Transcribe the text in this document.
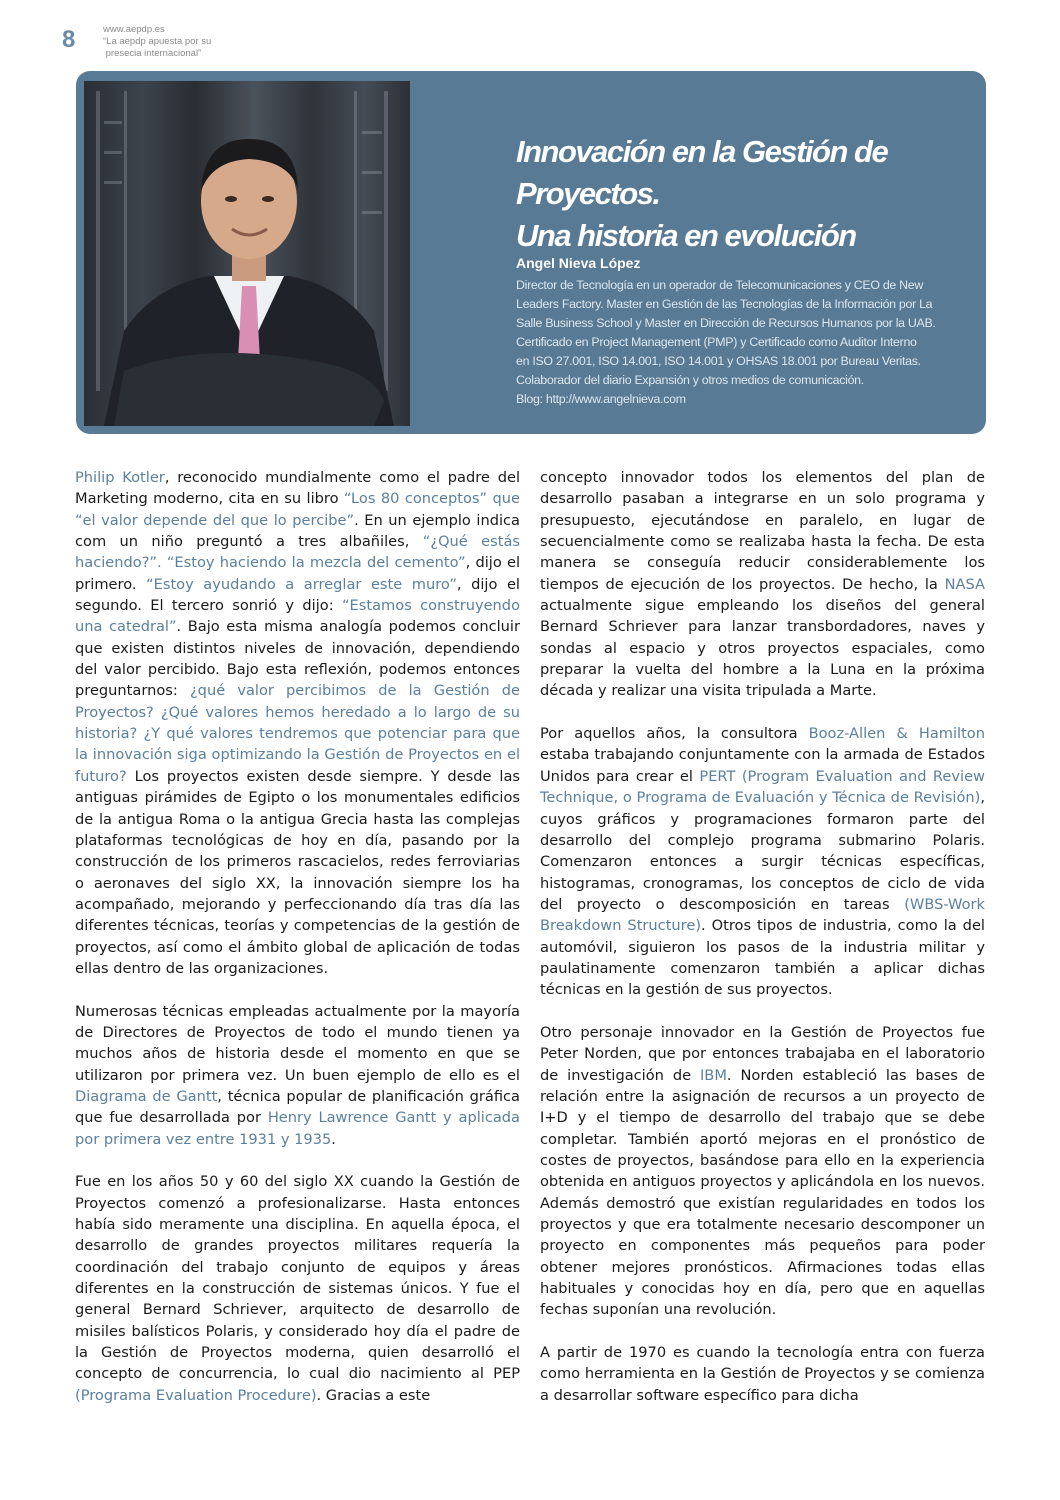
8	www.aepdp.es
“La aepdp apuesta por su
presecia internacional”
Innovación en la Gestión de Proyectos.
Una historia en evolución
Angel Nieva López
Director de Tecnología en un operador de Telecomunicaciones y CEO de New
Leaders Factory. Master en Gestión de las Tecnologías de la Información por La
Salle Business School y Master en Dirección de Recursos Humanos por la UAB.
Certificado en Project Management (PMP) y Certificado como Auditor Interno
en ISO 27.001, ISO 14.001, ISO 14.001 y OHSAS 18.001 por Bureau Veritas.
Colaborador del diario Expansión y otros medios de comunicación.
Blog: http://www.angelnieva.com

Philip Kotler, reconocido mundialmente como el padre del Marketing moderno, cita en su libro “Los 80 conceptos” que “el valor depende del que lo percibe”. En un ejemplo indica com un niño preguntó a tres albañiles, “¿Qué estás haciendo?”. “Estoy haciendo la mezcla del cemento”, dijo el primero. “Estoy ayudando a arreglar este muro”, dijo el segundo. El tercero sonrió y dijo: “Estamos construyendo una catedral”. Bajo esta misma analogía podemos concluir que existen distintos niveles de innovación, dependiendo del valor percibido. Bajo esta reflexión, podemos entonces preguntarnos: ¿qué valor percibimos de la Gestión de Proyectos? ¿Qué valores hemos heredado a lo largo de su historia? ¿Y qué valores tendremos que potenciar para que la innovación siga optimizando la Gestión de Proyectos en el futuro? Los proyectos existen desde siempre. Y desde las antiguas pirámides de Egipto o los monumentales edificios de la antigua Roma o la antigua Grecia hasta las complejas plataformas tecnológicas de hoy en día, pasando por la construcción de los primeros rascacielos, redes ferroviarias o aeronaves del siglo XX, la innovación siempre los ha acompañado, mejorando y perfeccionando día tras día las diferentes técnicas, teorías y competencias de la gestión de proyectos, así como el ámbito global de aplicación de todas ellas dentro de las organizaciones.

Numerosas técnicas empleadas actualmente por la mayoría de Directores de Proyectos de todo el mundo tienen ya muchos años de historia desde el momento en que se utilizaron por primera vez. Un buen ejemplo de ello es el Diagrama de Gantt, técnica popular de planificación gráfica que fue desarrollada por Henry Lawrence Gantt y aplicada por primera vez entre 1931 y 1935.

Fue en los años 50 y 60 del siglo XX cuando la Gestión de Proyectos comenzó a profesionalizarse. Hasta entonces había sido meramente una disciplina. En aquella época, el desarrollo de grandes proyectos militares requería la coordinación del trabajo conjunto de equipos y áreas diferentes en la construcción de sistemas únicos. Y fue el general Bernard Schriever, arquitecto de desarrollo de misiles balísticos Polaris, y considerado hoy día el padre de la Gestión de Proyectos moderna, quien desarrolló el concepto de concurrencia, lo cual dio nacimiento al PEP (Programa Evaluation Procedure). Gracias a este

concepto innovador todos los elementos del plan de desarrollo pasaban a integrarse en un solo programa y presupuesto, ejecutándose en paralelo, en lugar de secuencialmente como se realizaba hasta la fecha. De esta manera se conseguía reducir considerablemente los tiempos de ejecución de los proyectos. De hecho, la NASA actualmente sigue empleando los diseños del general Bernard Schriever para lanzar transbordadores, naves y sondas al espacio y otros proyectos espaciales, como preparar la vuelta del hombre a la Luna en la próxima década y realizar una visita tripulada a Marte.

Por aquellos años, la consultora Booz-Allen & Hamilton estaba trabajando conjuntamente con la armada de Estados Unidos para crear el PERT (Program Evaluation and Review Technique, o Programa de Evaluación y Técnica de Revisión), cuyos gráficos y programaciones formaron parte del desarrollo del complejo programa submarino Polaris. Comenzaron entonces a surgir técnicas específicas, histogramas, cronogramas, los conceptos de ciclo de vida del proyecto o descomposición en tareas (WBS-Work Breakdown Structure). Otros tipos de industria, como la del automóvil, siguieron los pasos de la industria militar y paulatinamente comenzaron también a aplicar dichas técnicas en la gestión de sus proyectos.

Otro personaje innovador en la Gestión de Proyectos fue Peter Norden, que por entonces trabajaba en el laboratorio de investigación de IBM. Norden estableció las bases de relación entre la asignación de recursos a un proyecto de I+D y el tiempo de desarrollo del trabajo que se debe completar. También aportó mejoras en el pronóstico de costes de proyectos, basándose para ello en la experiencia obtenida en antiguos proyectos y aplicándola en los nuevos. Además demostró que existían regularidades en todos los proyectos y que era totalmente necesario descomponer un proyecto en componentes más pequeños para poder obtener mejores pronósticos. Afirmaciones todas ellas habituales y conocidas hoy en día, pero que en aquellas fechas suponían una revolución.

A partir de 1970 es cuando la tecnología entra con fuerza como herramienta en la Gestión de Proyectos y se comienza a desarrollar software específico para dicha
